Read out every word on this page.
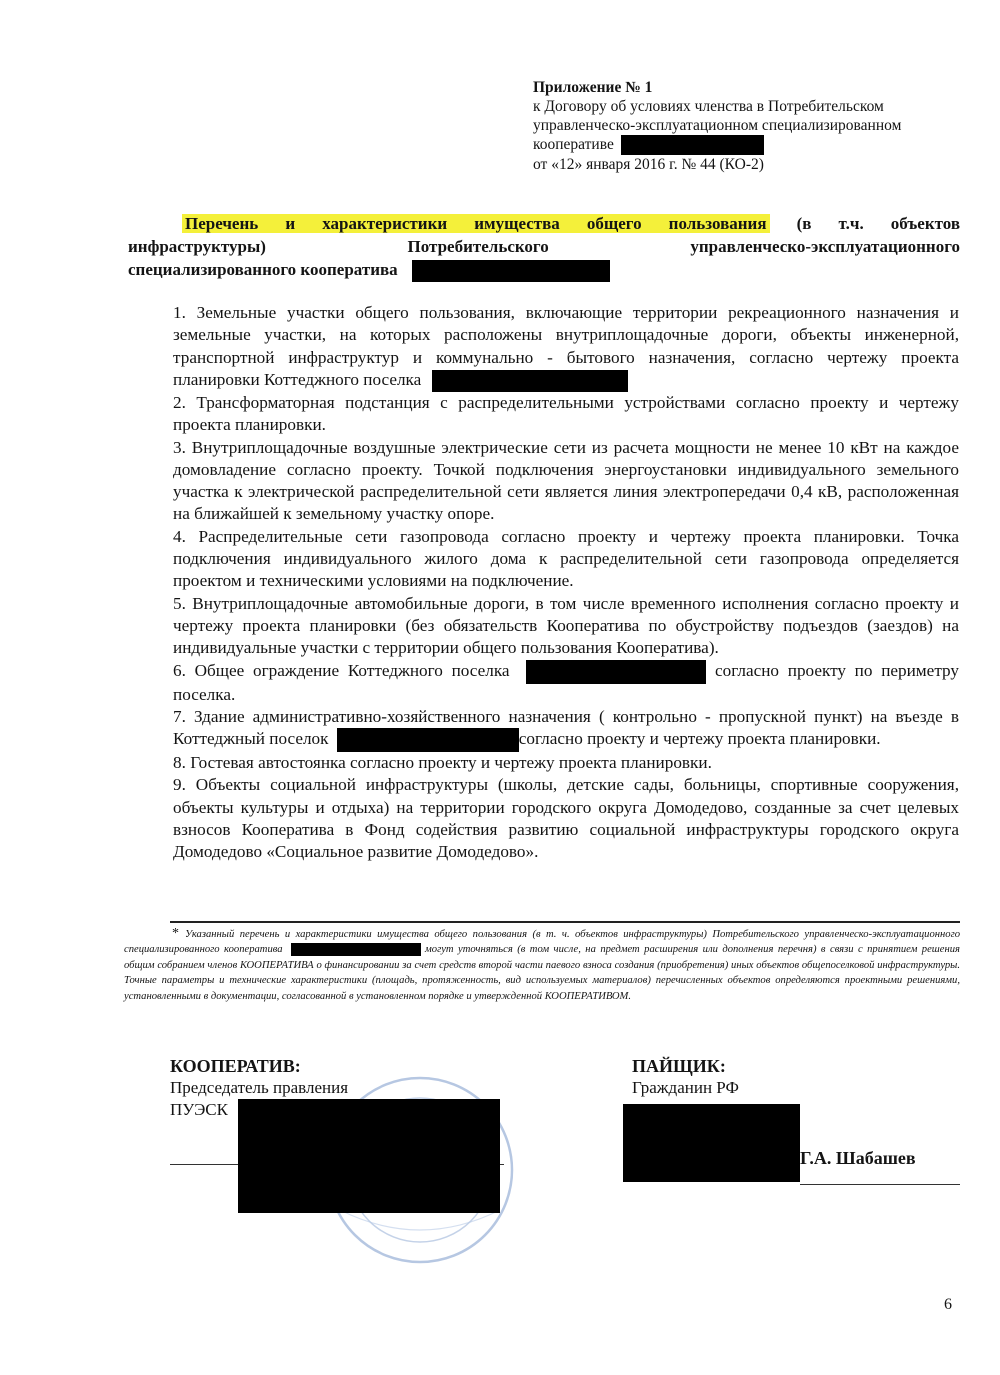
Приложение № 1
к Договору об условиях членства в Потребительском
управленческо-эксплуатационном специализированном
кооперативе
от «12» января 2016 г. № 44 (КО-2)
Перечень и характеристики имущества общего пользования (в т.ч. объектов
инфраструктуры) Потребительского управленческо-эксплуатационного
специализированного кооператива

1. Земельные участки общего пользования, включающие территории рекреационного назначения и земельные участки, на которых расположены внутриплощадочные дороги, объекты инженерной, транспортной инфраструктур и коммунально - бытового назначения, согласно чертежу проекта планировки Коттеджного поселка

2. Трансформаторная подстанция с распределительными устройствами согласно проекту и чертежу проекта планировки.

3. Внутриплощадочные воздушные электрические сети из расчета мощности не менее 10 кВт на каждое домовладение согласно проекту. Точкой подключения энергоустановки индивидуального земельного участка к электрической распределительной сети является линия электропередачи 0,4 кВ, расположенная на ближайшей к земельному участку опоре.

4. Распределительные сети газопровода согласно проекту и чертежу проекта планировки. Точка подключения индивидуального жилого дома к распределительной сети газопровода определяется проектом и техническими условиями на подключение.

5. Внутриплощадочные автомобильные дороги, в том числе временного исполнения согласно проекту и чертежу проекта планировки (без обязательств Кооператива по обустройству подъездов (заездов) на индивидуальные участки с территории общего пользования Кооператива).

6. Общее ограждение Коттеджного поселка	согласно проекту по периметру поселка.

7. Здание административно-хозяйственного назначения ( контрольно - пропускной пункт) на въезде в Коттеджный поселок	согласно проекту и чертежу проекта планировки.

8. Гостевая автостоянка согласно проекту и чертежу проекта планировки.

9. Объекты социальной инфраструктуры (школы, детские сады, больницы, спортивные сооружения, объекты культуры и отдыха) на территории городского округа Домодедово, созданные за счет целевых взносов Кооператива в Фонд содействия развитию социальной инфраструктуры городского округа Домодедово «Социальное развитие Домодедово».

* Указанный перечень и характеристики имущества общего пользования (в т. ч. объектов инфраструктуры) Потребительского управленческо-эксплуатационного специализированного кооператива	могут уточняться (в том числе, на предмет расширения или дополнения перечня) в связи с принятием решения общим собранием членов КООПЕРАТИВА о финансировании за счет средств второй части паевого взноса создания (приобретения) иных объектов общепоселковой инфраструктуры. Точные параметры и технические характеристики (площадь, протяженность, вид используемых материалов) перечисленных объектов определяются проектными решениями, установленными в документации, согласованной в установленном порядке и утвержденной КООПЕРАТИВОМ.
КООПЕРАТИВ:
Председатель правления
ПУЭСК
ПАЙЩИК:
Гражданин РФ
Г.А. Шабашев
6
